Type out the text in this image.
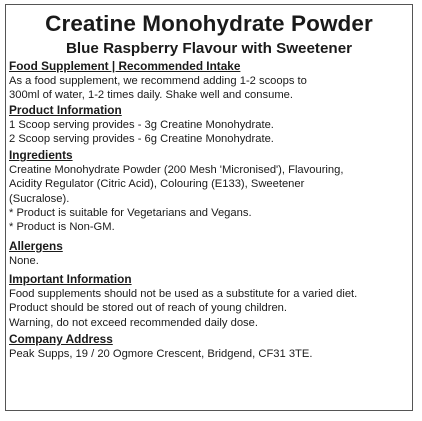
Creatine Monohydrate Powder
Blue Raspberry Flavour with Sweetener

Food Supplement | Recommended Intake

As a food supplement, we recommend adding 1-2 scoops to

300ml of water, 1-2 times daily. Shake well and consume.

Product Information

1 Scoop serving provides - 3g Creatine Monohydrate.

2 Scoop serving provides - 6g Creatine Monohydrate.

Ingredients

Creatine Monohydrate Powder (200 Mesh 'Micronised'), Flavouring,

Acidity Regulator (Citric Acid), Colouring (E133), Sweetener

(Sucralose).

* Product is suitable for Vegetarians and Vegans.

* Product is Non-GM.

Allergens

None.

Important Information

Food supplements should not be used as a substitute for a varied diet.

Product should be stored out of reach of young children.

Warning, do not exceed recommended daily dose.

Company Address

Peak Supps, 19 / 20 Ogmore Crescent, Bridgend, CF31 3TE.
